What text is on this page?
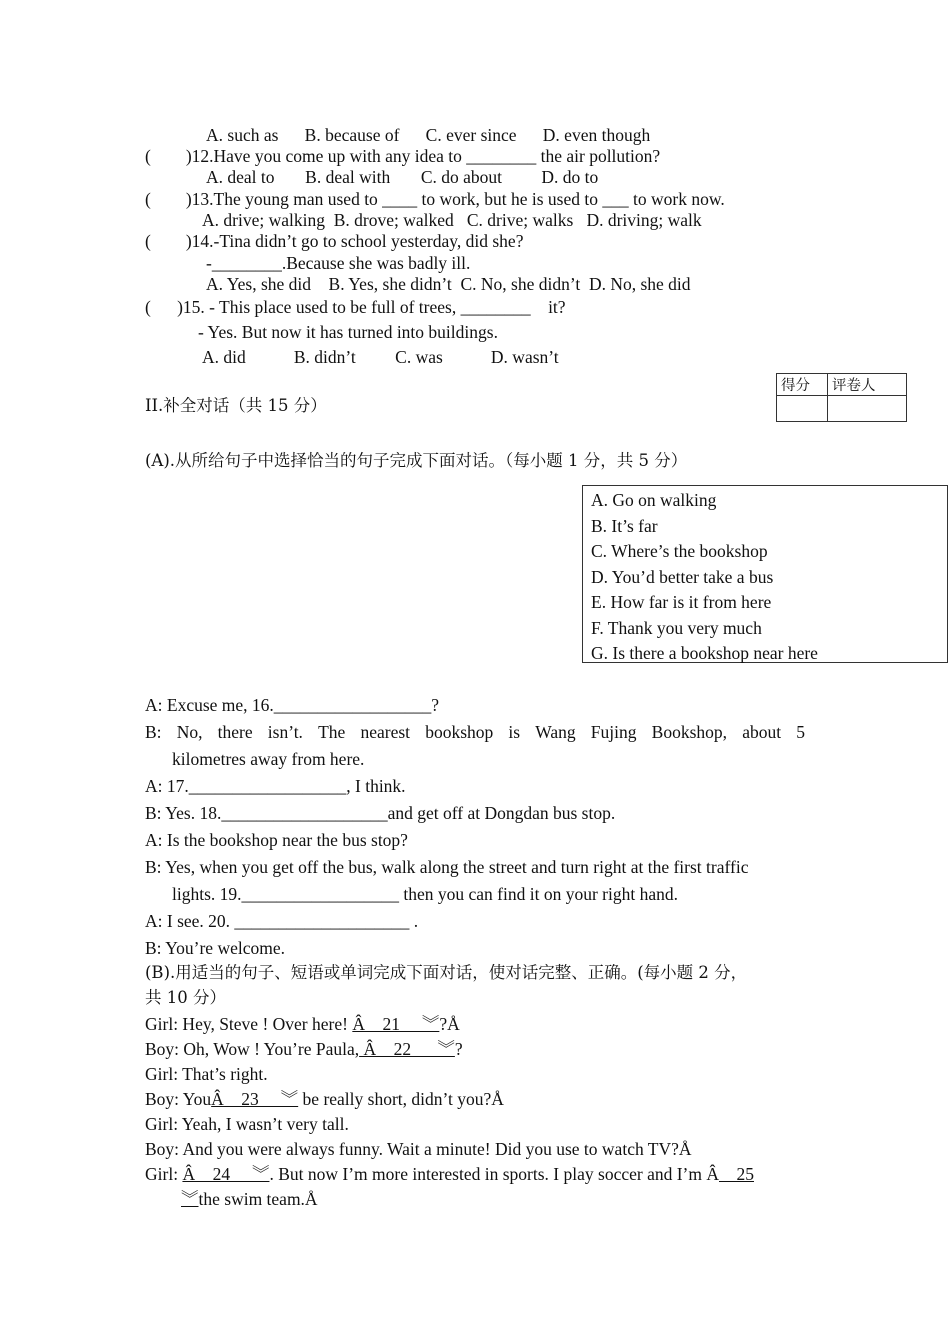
A. such as      B. because of      C. ever since      D. even though
(        )12.Have you come up with any idea to ________ the air pollution?
A. deal to       B. deal with       C. do about         D. do to
(        )13.The young man used to ____ to work, but he is used to ___ to work now.
A. drive; walking  B. drove; walked   C. drive; walks   D. driving; walk
(        )14.-Tina didn’t go to school yesterday, did she?
-________.Because she was badly ill.
A. Yes, she did    B. Yes, she didn’t  C. No, she didn’t  D. No, she did
(      )15. - This place used to be full of trees, ________    it?
- Yes. But now it has turned into buildings.
A. did           B. didn’t         C. was           D. wasn’t
得分	评卷人

II.补全对话（共 15 分）
(A).从所给句子中选择恰当的句子完成下面对话。（每小题 1 分，共 5 分）
A. Go on walking
B. It’s far
C. Where’s the bookshop
D. You’d better take a bus
E. How far is it from here
F. Thank you very much
G. Is there a bookshop near here
A: Excuse me, 16.__________________?
B: No, there isn’t. The nearest bookshop is Wang Fujing Bookshop, about 5
kilometres away from here.
A: 17.__________________, I think.
B: Yes. 18.___________________and get off at Dongdan bus stop.
A: Is the bookshop near the bus stop?
B: Yes, when you get off the bus, walk along the street and turn right at the first traffic
lights. 19.__________________ then you can find it on your right hand.
A: I see. 20. ____________________ .
B: You’re welcome.
(B).用适当的句子、短语或单词完成下面对话，使对话完整、正确。(每小题 2 分，
共 10 分）
Girl: Hey, Steve ! Over here! Â    21     ︾?Å
Boy: Oh, Wow ! You’re Paula, Â    22      ︾?
Girl: That’s right.
Boy: YouÂ    23     ︾ be really short, didn’t you?Å
Girl: Yeah, I wasn’t very tall.
Boy: And you were always funny. Wait a minute! Did you use to watch TV?Å
Girl: Â    24     ︾. But now I’m more interested in sports. I play soccer and I’m Â    25
︾the swim team.Å
